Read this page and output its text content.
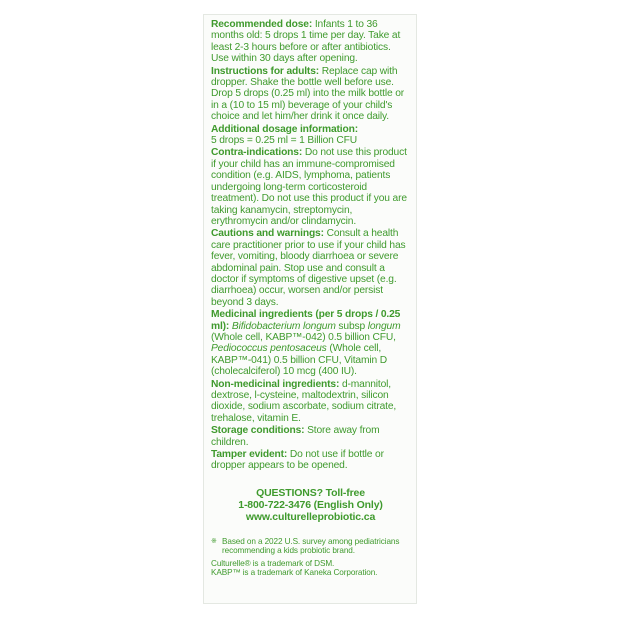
Recommended dose: Infants 1 to 36 months old: 5 drops 1 time per day. Take at least 2-3 hours before or after antibiotics. Use within 30 days after opening.
Instructions for adults: Replace cap with dropper. Shake the bottle well before use. Drop 5 drops (0.25 ml) into the milk bottle or in a (10 to 15 ml) beverage of your child's choice and let him/her drink it once daily.
Additional dosage information:
5 drops = 0.25 ml = 1 Billion CFU
Contra-indications: Do not use this product if your child has an immune-compromised condition (e.g. AIDS, lymphoma, patients undergoing long-term corticosteroid treatment). Do not use this product if you are taking kanamycin, streptomycin, erythromycin and/or clindamycin.
Cautions and warnings: Consult a health care practitioner prior to use if your child has fever, vomiting, bloody diarrhoea or severe abdominal pain. Stop use and consult a doctor if symptoms of digestive upset (e.g. diarrhoea) occur, worsen and/or persist beyond 3 days.
Medicinal ingredients (per 5 drops / 0.25 ml): Bifidobacterium longum subsp longum (Whole cell, KABP™-042) 0.5 billion CFU, Pediococcus pentosaceus (Whole cell, KABP™-041) 0.5 billion CFU, Vitamin D (cholecalciferol) 10 mcg (400 IU).
Non-medicinal ingredients: d-mannitol, dextrose, l-cysteine, maltodextrin, silicon dioxide, sodium ascorbate, sodium citrate, trehalose, vitamin E.
Storage conditions: Store away from children.
Tamper evident: Do not use if bottle or dropper appears to be opened.
QUESTIONS? Toll-free
1-800-722-3476 (English Only)
www.culturelleprobiotic.ca
※ Based on a 2022 U.S. survey among pediatricians recommending a kids probiotic brand.
Culturelle® is a trademark of DSM.
KABP™ is a trademark of Kaneka Corporation.
